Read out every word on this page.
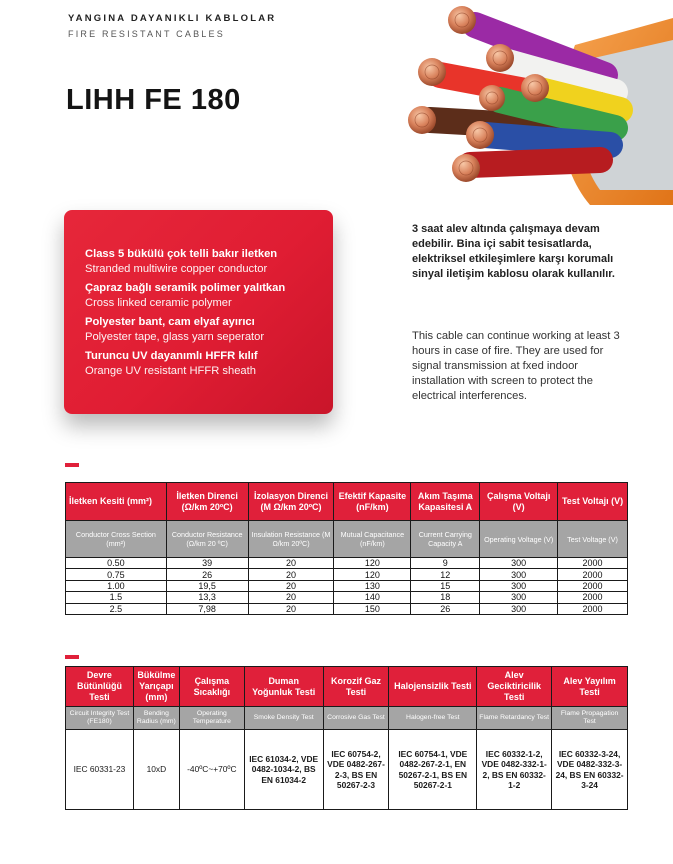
YANGINA DAYANIKLI KABLOLAR
FIRE RESISTANT CABLES
LIHH FE 180
Class 5 bükülü çok telli bakır iletken
Stranded multiwire copper conductor
Çapraz bağlı seramik polimer yalıtkan
Cross linked ceramic polymer
Polyester bant, cam elyaf ayırıcı
Polyester tape, glass yarn seperator
Turuncu UV dayanımlı HFFR kılıf
Orange UV resistant HFFR sheath
3 saat alev altında çalışmaya devam edebilir. Bina içi sabit tesisatlarda, elektriksel etkileşimlere karşı korumalı sinyal iletişim kablosu olarak kullanılır.
This cable can continue working at least 3 hours in case of fire. They are used for signal transmission at fxed indoor installation with screen to protect the electrical interferences.
İletken Kesiti (mm²)	İletken Direnci (Ω/km 20ºC)	İzolasyon Direnci (M Ω/km 20ºC)	Efektif Kapasite (nF/km)	Akım Taşıma Kapasitesi A	Çalışma Voltajı (V)	Test Voltajı (V)
Conductor Cross Section (mm²)	Conductor Resistance (Ω/km 20 ºC)	Insulation Resistance (M Ω/km 20ºC)	Mutual Capacitance (nF/km)	Current Carrying Capacity A	Operating Voltage (V)	Test Voltage (V)
0.50	39	20	120	9	300	2000
0.75	26	20	120	12	300	2000
1.00	19,5	20	130	15	300	2000
1.5	13,3	20	140	18	300	2000
2.5	7,98	20	150	26	300	2000
Devre Bütünlüğü Testi	Bükülme Yarıçapı (mm)	Çalışma Sıcaklığı	Duman Yoğunluk Testi	Korozif Gaz Testi	Halojensizlik Testi	Alev Geciktiricilik Testi	Alev Yayılım Testi
Circuit Integrity Test (FE180)	Bending Radius (mm)	Operating Temperature	Smoke Density Test	Corrosive Gas Test	Halogen-free Test	Flame Retardancy Test	Flame Propagation Test
IEC 60331-23	10xD	-40ºC~+70ºC	IEC 61034-2, VDE 0482-1034-2, BS EN 61034-2	IEC 60754-2, VDE 0482-267-2-3, BS EN 50267-2-3	IEC 60754-1, VDE 0482-267-2-1, EN 50267-2-1, BS EN 50267-2-1	IEC 60332-1-2, VDE 0482-332-1-2, BS EN 60332-1-2	IEC 60332-3-24, VDE 0482-332-3-24, BS EN 60332-3-24
